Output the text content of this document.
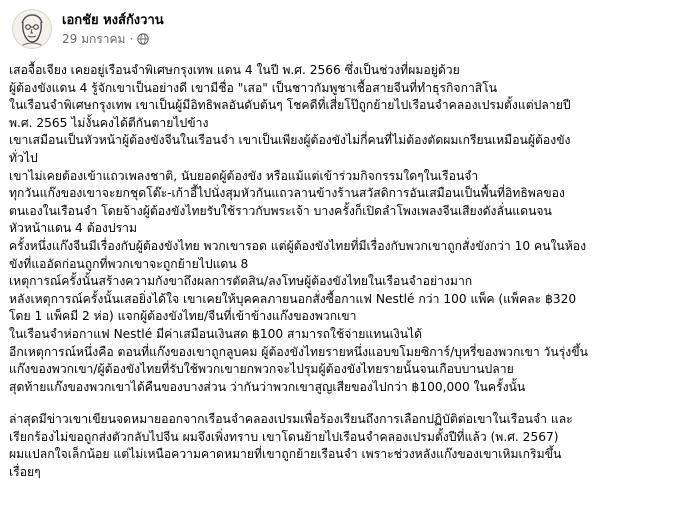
เอกชัย หงส์กังวาน
29 มกราคม ·
เสอจื้อเจียง เคยอยู่เรือนจำพิเศษกรุงเทพ แดน 4 ในปี พ.ศ. 2566 ซึ่งเป็นช่วงที่ผมอยู่ด้วย
ผู้ต้องขังแดน 4 รู้จักเขาเป็นอย่างดี เขามีชื่อ "เสอ" เป็นชาวกัมพูชาเชื้อสายจีนที่ทำธุรกิจกาสิโน
ในเรือนจำพิเศษกรุงเทพ เขาเป็นผู้มีอิทธิพลอันดับต้นๆ โชคดีที่เสี่ยโป๊ถูกย้ายไปเรือนจำคลองเปรมตั้งแต่ปลายปี
พ.ศ. 2565 ไม่งั้นคงได้ตีกันตายไปข้าง
เขาเสมือนเป็นหัวหน้าผู้ต้องขังจีนในเรือนจำ เขาเป็นเพียงผู้ต้องขังไม่กี่คนที่ไม่ต้องตัดผมเกรียนเหมือนผู้ต้องขัง
ทั่วไป
เขาไม่เคยต้องเข้าแถวเพลงชาติ, นับยอดผู้ต้องขัง หรือแม้แต่เข้าร่วมกิจกรรมใดๆในเรือนจำ
ทุกวันแก๊งของเขาจะยกชุดโต๊ะ-เก้าอี้ไปนั่งสุมหัวกันแถวลานข้างร้านสวัสดิการอันเสมือนเป็นพื้นที่อิทธิพลของ
ตนเองในเรือนจำ โดยจ้างผู้ต้องขังไทยรับใช้ราวกับพระเจ้า บางครั้งก็เปิดลำโพงเพลงจีนเสียงดังลั่นแดนจน
หัวหน้าแดน 4 ต้องปราม
ครั้งหนึ่งแก๊งจีนมีเรื่องกับผู้ต้องขังไทย พวกเขารอด แต่ผู้ต้องขังไทยที่มีเรื่องกับพวกเขาถูกสั่งขังกว่า 10 คนในห้อง
ขังที่แออัดก่อนถูกที่พวกเขาจะถูกย้ายไปแดน 8
เหตุการณ์ครั้งนั้นสร้างความกังขาถึงผลการตัดสิน/ลงโทษผู้ต้องขังไทยในเรือนจำอย่างมาก
หลังเหตุการณ์ครั้งนั้นเสอยิ่งได้ใจ เขาเคยให้บุคคลภายนอกสั่งซื้อกาแฟ Nestlé กว่า 100 แพ็ค (แพ็คละ ฿320
โดย 1 แพ็คมี 2 ห่อ) แจกผู้ต้องขังไทย/จีนที่เข้าข้างแก๊งของพวกเขา
ในเรือนจำห่อกาแฟ Nestlé มีค่าเสมือนเงินสด ฿100 สามารถใช้จ่ายแทนเงินได้
อีกเหตุการณ์หนึ่งคือ ตอนที่แก๊งของเขาถูกลูบคม ผู้ต้องขังไทยรายหนึ่งแอบขโมยซิการ์/บุหรี่ของพวกเขา วันรุ่งขึ้น
แก๊งของพวกเขา/ผู้ต้องขังไทยที่รับใช้พวกเขายกพวกจะไปรุมผู้ต้องขังไทยรายนั้นจนเกือบบานปลาย
สุดท้ายแก๊งของพวกเขาได้คืนของบางส่วน ว่ากันว่าพวกเขาสูญเสียของไปกว่า ฿100,000 ในครั้งนั้น
ล่าสุดมีข่าวเขาเขียนจดหมายออกจากเรือนจำคลองเปรมเพื่อร้องเรียนถึงการเลือกปฏิบัติต่อเขาในเรือนจำ และ
เรียกร้องไม่ขอถูกส่งตัวกลับไปจีน ผมจึงเพิ่งทราบ เขาโดนย้ายไปเรือนจำคลองเปรมตั้งปีที่แล้ว (พ.ศ. 2567)
ผมแปลกใจเล็กน้อย แต่ไม่เหนือความคาดหมายที่เขาถูกย้ายเรือนจำ เพราะช่วงหลังแก๊งของเขาเหิมเกริมขึ้น
เรื่อยๆ
